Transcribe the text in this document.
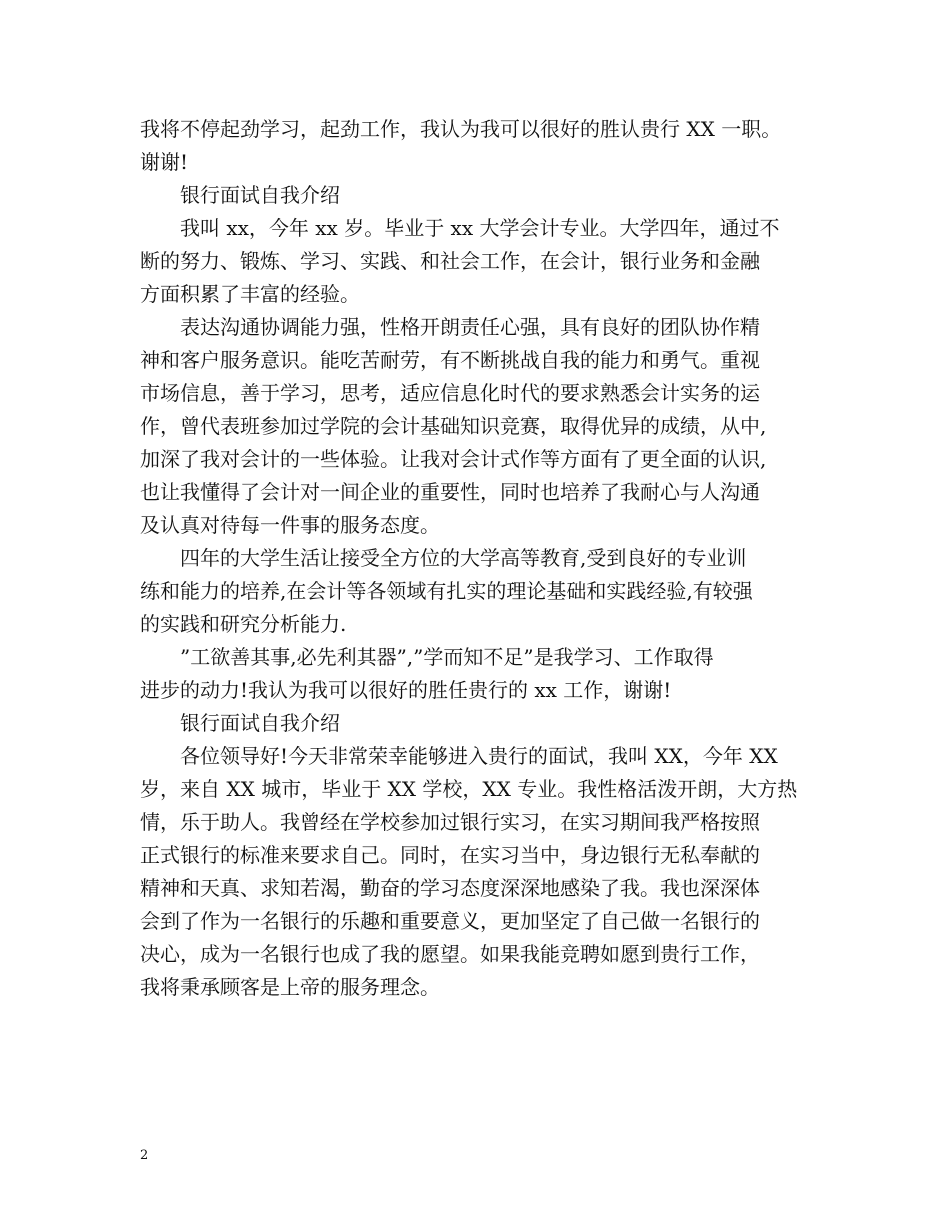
我将不停起劲学习，起劲工作，我认为我可以很好的胜认贵行 XX 一职。
谢谢!
银行面试自我介绍
我叫 xx，今年 xx 岁。毕业于 xx 大学会计专业。大学四年，通过不
断的努力、锻炼、学习、实践、和社会工作，在会计，银行业务和金融
方面积累了丰富的经验。
表达沟通协调能力强，性格开朗责任心强，具有良好的团队协作精
神和客户服务意识。能吃苦耐劳，有不断挑战自我的能力和勇气。重视
市场信息，善于学习，思考，适应信息化时代的要求熟悉会计实务的运
作，曾代表班参加过学院的会计基础知识竞赛，取得优异的成绩，从中,
加深了我对会计的一些体验。让我对会计式作等方面有了更全面的认识,
也让我懂得了会计对一间企业的重要性，同时也培养了我耐心与人沟通
及认真对待每一件事的服务态度。
四年的大学生活让接受全方位的大学高等教育,受到良好的专业训
练和能力的培养,在会计等各领域有扎实的理论基础和实践经验,有较强
的实践和研究分析能力.
”工欲善其事,必先利其器”,”学而知不足”是我学习、工作取得
进步的动力!我认为我可以很好的胜任贵行的 xx 工作，谢谢!
银行面试自我介绍
各位领导好!今天非常荣幸能够进入贵行的面试，我叫 XX，今年 XX
岁，来自 XX 城市，毕业于 XX 学校，XX 专业。我性格活泼开朗，大方热
情，乐于助人。我曾经在学校参加过银行实习，在实习期间我严格按照
正式银行的标准来要求自己。同时，在实习当中，身边银行无私奉献的
精神和天真、求知若渴，勤奋的学习态度深深地感染了我。我也深深体
会到了作为一名银行的乐趣和重要意义，更加坚定了自己做一名银行的
决心，成为一名银行也成了我的愿望。如果我能竞聘如愿到贵行工作，
我将秉承顾客是上帝的服务理念。
2
